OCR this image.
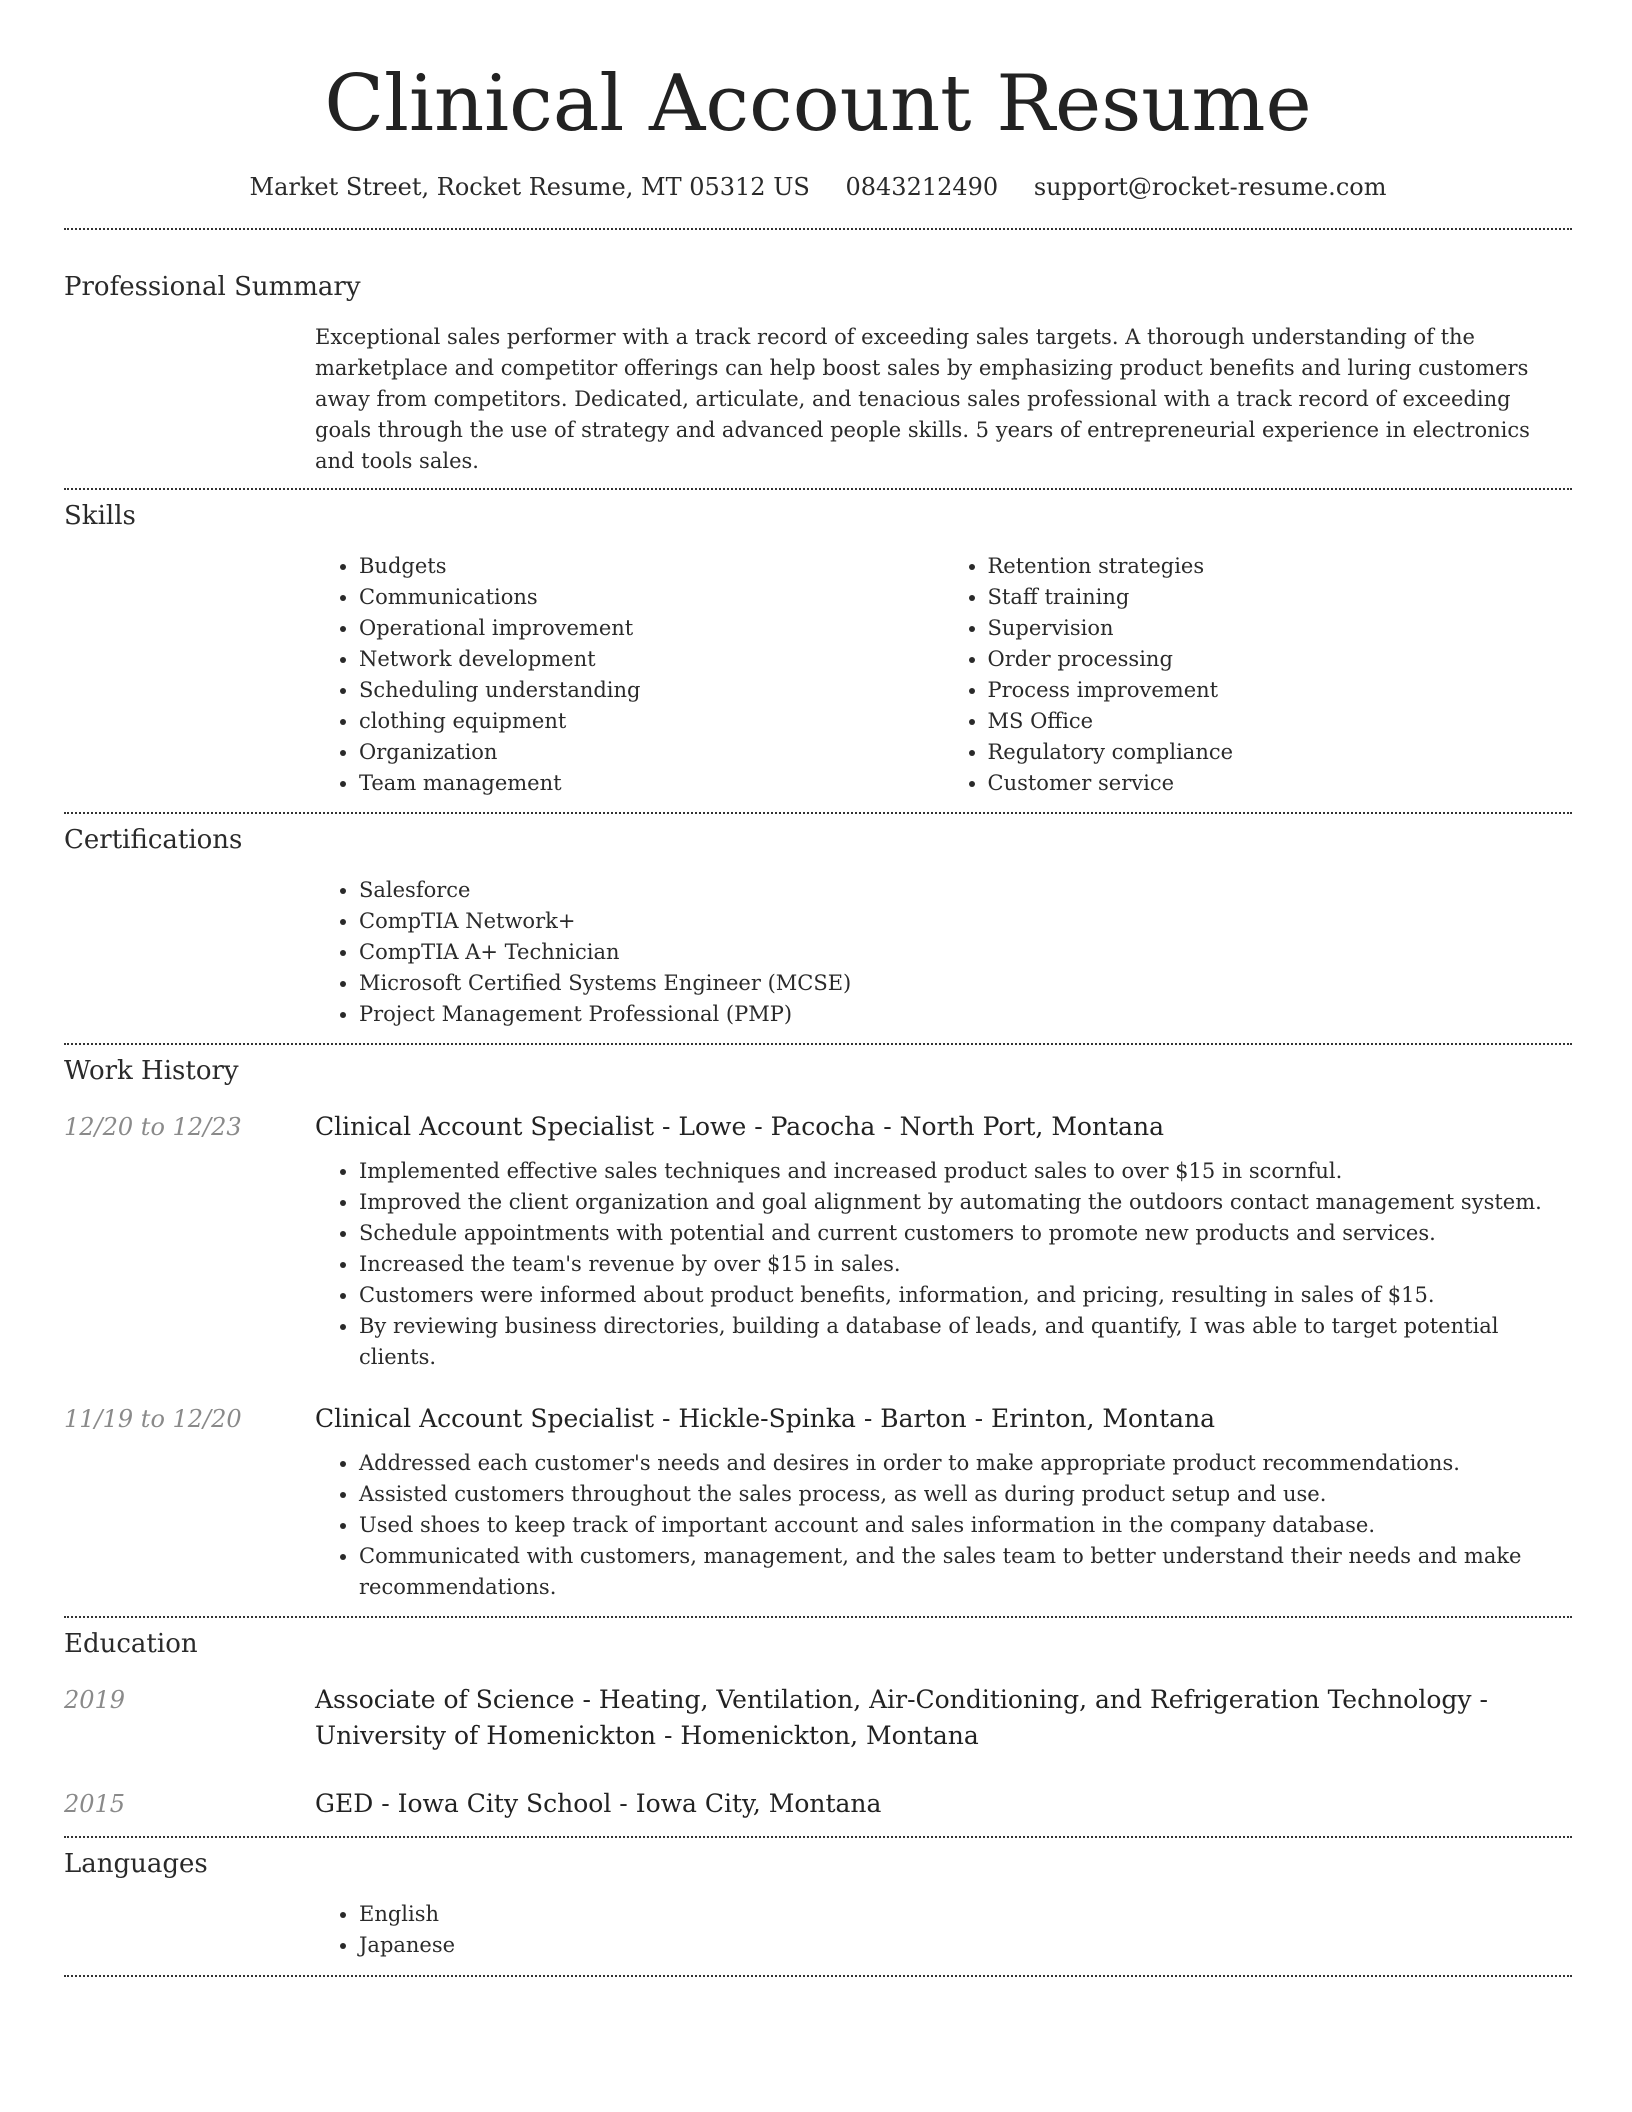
Clinical Account Resume
Market Street, Rocket Resume, MT 05312 US 0843212490 support@rocket-resume.com
Professional Summary

Exceptional sales performer with a track record of exceeding sales targets. A thorough understanding of the marketplace and competitor offerings can help boost sales by emphasizing product benefits and luring customers away from competitors. Dedicated, articulate, and tenacious sales professional with a track record of exceeding goals through the use of strategy and advanced people skills. 5 years of entrepreneurial experience in electronics and tools sales.

Skills
• Budgets
• Communications
• Operational improvement
• Network development
• Scheduling understanding
• clothing equipment
• Organization
• Team management
• Retention strategies
• Staff training
• Supervision
• Order processing
• Process improvement
• MS Office
• Regulatory compliance
• Customer service
Certifications
• Salesforce
• CompTIA Network+
• CompTIA A+ Technician
• Microsoft Certified Systems Engineer (MCSE)
• Project Management Professional (PMP)
Work History
12/20 to 12/23	Clinical Account Specialist - Lowe - Pacocha - North Port, Montana
• Implemented effective sales techniques and increased product sales to over $15 in scornful.
• Improved the client organization and goal alignment by automating the outdoors contact management system.
• Schedule appointments with potential and current customers to promote new products and services.
• Increased the team's revenue by over $15 in sales.
• Customers were informed about product benefits, information, and pricing, resulting in sales of $15.
• By reviewing business directories, building a database of leads, and quantify, I was able to target potential clients.
11/19 to 12/20	Clinical Account Specialist - Hickle-Spinka - Barton - Erinton, Montana
• Addressed each customer's needs and desires in order to make appropriate product recommendations.
• Assisted customers throughout the sales process, as well as during product setup and use.
• Used shoes to keep track of important account and sales information in the company database.
• Communicated with customers, management, and the sales team to better understand their needs and make recommendations.
Education
2019	Associate of Science - Heating, Ventilation, Air-Conditioning, and Refrigeration Technology - University of Homenickton - Homenickton, Montana
2015	GED - Iowa City School - Iowa City, Montana
Languages
• English
• Japanese
